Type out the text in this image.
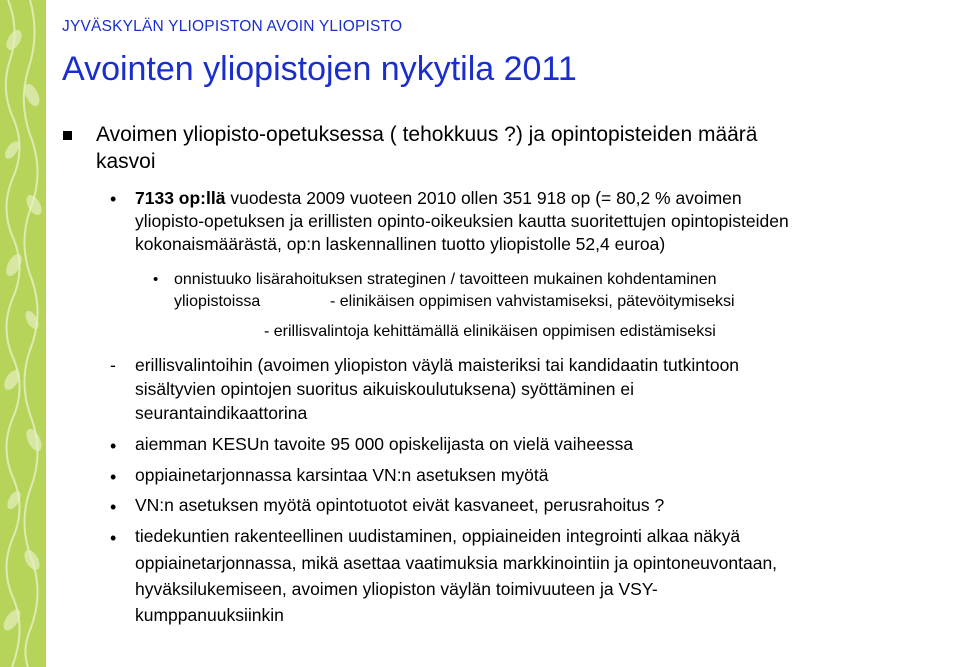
JYVÄSKYLÄN YLIOPISTON AVOIN YLIOPISTO
Avointen yliopistojen nykytila 2011
Avoimen yliopisto-opetuksessa ( tehokkuus ?) ja opintopisteiden määrä
kasvoi
• 7133 op:llä vuodesta 2009 vuoteen 2010 ollen 351 918 op (= 80,2 % avoimen
yliopisto-opetuksen ja erillisten opinto-oikeuksien kautta suoritettujen opintopisteiden
kokonaismäärästä, op:n laskennallinen tuotto yliopistolle 52,4 euroa)
• onnistuuko lisärahoituksen strateginen / tavoitteen mukainen kohdentaminen
yliopistoissa	- elinikäisen oppimisen vahvistamiseksi, pätevöitymiseksi
- erillisvalintoja kehittämällä elinikäisen oppimisen edistämiseksi
- erillisvalintoihin (avoimen yliopiston väylä maisteriksi tai kandidaatin tutkintoon
sisältyvien opintojen suoritus aikuiskoulutuksena) syöttäminen ei
seurantaindikaattorina
• aiemman KESUn tavoite 95 000 opiskelijasta on vielä vaiheessa
• oppiainetarjonnassa karsintaa VN:n asetuksen myötä
• VN:n asetuksen myötä opintotuotot eivät kasvaneet, perusrahoitus ?
• tiedekuntien rakenteellinen uudistaminen, oppiaineiden integrointi alkaa näkyä
oppiainetarjonnassa, mikä asettaa vaatimuksia markkinointiin ja opintoneuvontaan,
hyväksilukemiseen, avoimen yliopiston väylän toimivuuteen ja VSY-
kumppanuuksiinkin
